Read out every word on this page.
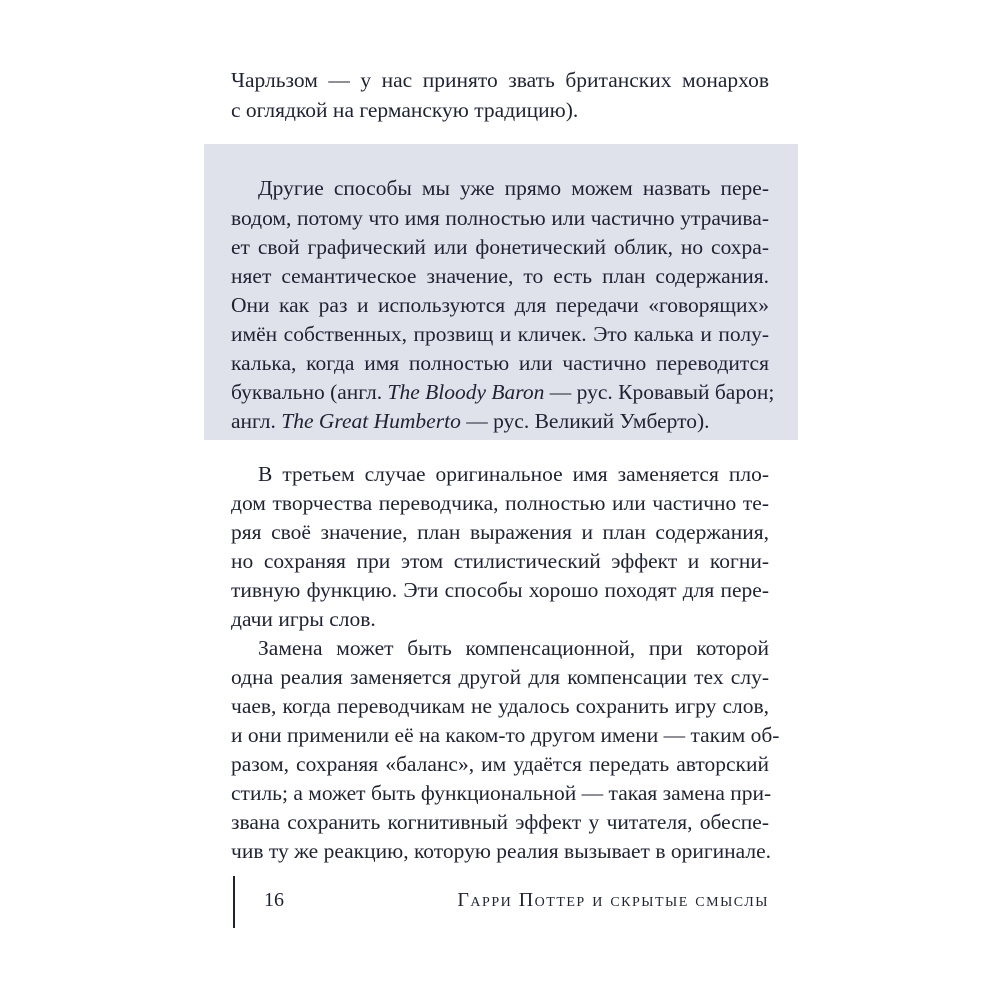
Чарльзом — у нас принято звать британских монархов
с оглядкой на германскую традицию).
Другие способы мы уже прямо можем назвать пере-
водом, потому что имя полностью или частично утрачива-
ет свой графический или фонетический облик, но сохра-
няет семантическое значение, то есть план содержания.
Они как раз и используются для передачи «говорящих»
имён собственных, прозвищ и кличек. Это калька и полу-
калька, когда имя полностью или частично переводится
буквально (англ. The Bloody Baron — рус. Кровавый барон;
англ. The Great Humberto — рус. Великий Умберто).
В третьем случае оригинальное имя заменяется пло-
дом творчества переводчика, полностью или частично те-
ряя своё значение, план выражения и план содержания,
но сохраняя при этом стилистический эффект и когни-
тивную функцию. Эти способы хорошо походят для пере-
дачи игры слов.
Замена может быть компенсационной, при которой
одна реалия заменяется другой для компенсации тех слу-
чаев, когда переводчикам не удалось сохранить игру слов,
и они применили её на каком-то другом имени — таким об-
разом, сохраняя «баланс», им удаётся передать авторский
стиль; а может быть функциональной — такая замена при-
звана сохранить когнитивный эффект у читателя, обеспе-
чив ту же реакцию, которую реалия вызывает в оригинале.
16	Гарри Поттер и скрытые смыслы
